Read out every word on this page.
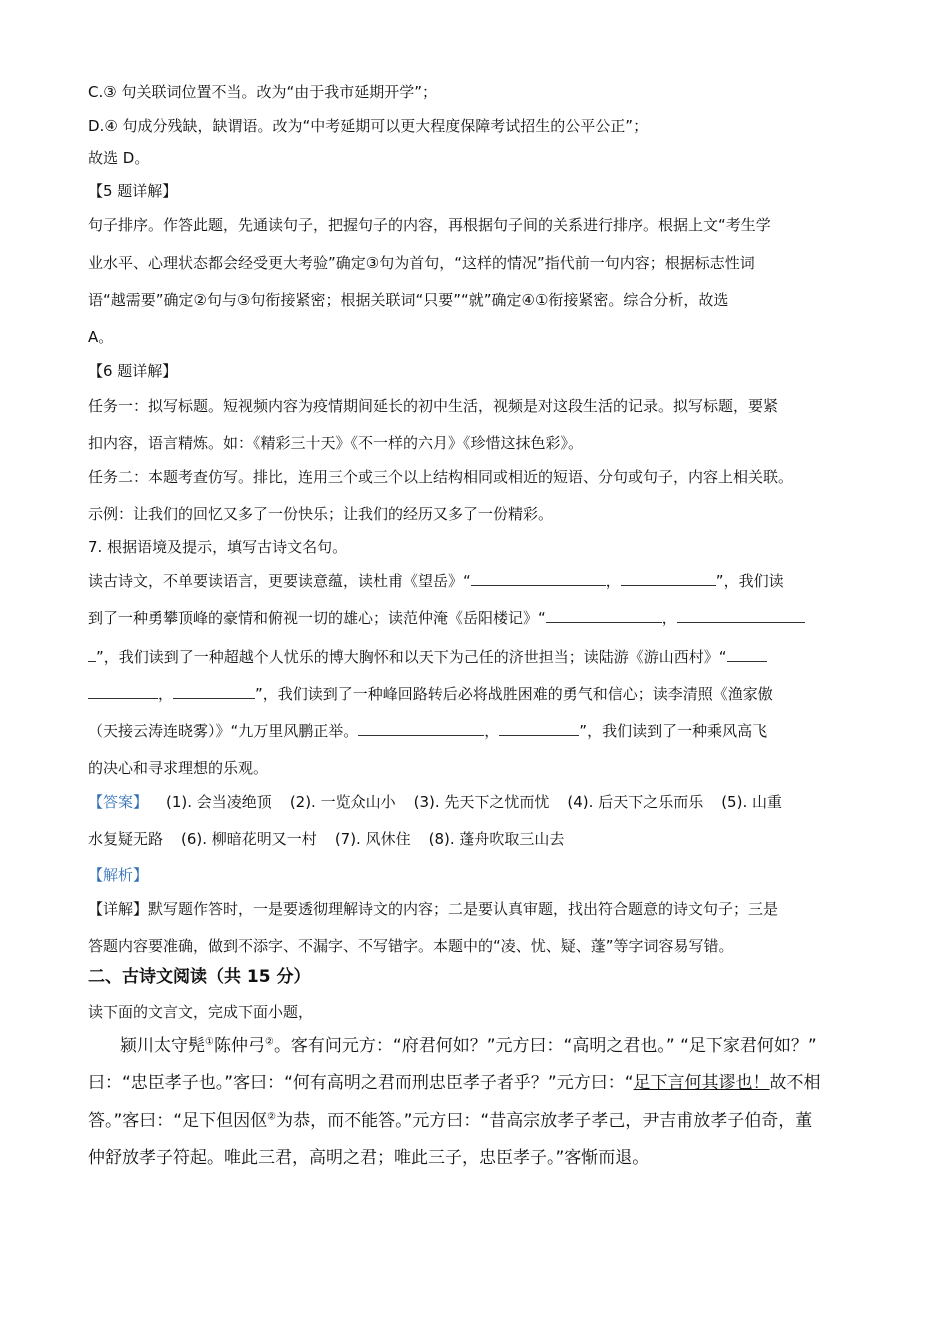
C.③ 句关联词位置不当。改为“由于我市延期开学”；
D.④ 句成分残缺，缺谓语。改为“中考延期可以更大程度保障考试招生的公平公正”；
故选 D。
【5 题详解】
句子排序。作答此题，先通读句子，把握句子的内容，再根据句子间的关系进行排序。根据上文“考生学
业水平、心理状态都会经受更大考验”确定③句为首句，“这样的情况”指代前一句内容；根据标志性词
语“越需要”确定②句与③句衔接紧密；根据关联词“只要”“就”确定④①衔接紧密。综合分析，故选
A。
【6 题详解】
任务一：拟写标题。短视频内容为疫情期间延长的初中生活，视频是对这段生活的记录。拟写标题，要紧
扣内容，语言精炼。如：《精彩三十天》《不一样的六月》《珍惜这抹色彩》。
任务二：本题考查仿写。排比，连用三个或三个以上结构相同或相近的短语、分句或句子，内容上相关联。
示例：让我们的回忆又多了一份快乐；让我们的经历又多了一份精彩。
7. 根据语境及提示，填写古诗文名句。
读古诗文，不单要读语言，更要读意蕴，读杜甫《望岳》“	，	”，我们读
到了一种勇攀顶峰的豪情和俯视一切的雄心；读范仲淹《岳阳楼记》“	，
”，我们读到了一种超越个人忧乐的博大胸怀和以天下为己任的济世担当；读陆游《游山西村》“
，	”，我们读到了一种峰回路转后必将战胜困难的勇气和信心；读李清照《渔家傲
（天接云涛连晓雾）》“九万里风鹏正举。	，	”，我们读到了一种乘风高飞
的决心和寻求理想的乐观。
【答案】 (1). 会当凌绝顶 (2). 一览众山小 (3). 先天下之忧而忧 (4). 后天下之乐而乐 (5). 山重
水复疑无路 (6). 柳暗花明又一村 (7). 风休住 (8). 蓬舟吹取三山去
【解析】
【详解】默写题作答时，一是要透彻理解诗文的内容；二是要认真审题，找出符合题意的诗文句子；三是
答题内容要准确，做到不添字、不漏字、不写错字。本题中的“凌、忧、疑、蓬”等字词容易写错。
二、古诗文阅读（共 15 分）
读下面的文言文，完成下面小题，
颍川太守髡①陈仲弓②。客有问元方：“府君何如？”元方曰：“高明之君也。” “足下家君何如？”
曰：“忠臣孝子也。”客曰：“何有高明之君而刑忠臣孝子者乎？”元方曰：“足下言何其谬也！故不相
答。”客曰：“足下但因伛②为恭，而不能答。”元方曰：“昔高宗放孝子孝己，尹吉甫放孝子伯奇，董
仲舒放孝子符起。唯此三君，高明之君；唯此三子，忠臣孝子。”客惭而退。
